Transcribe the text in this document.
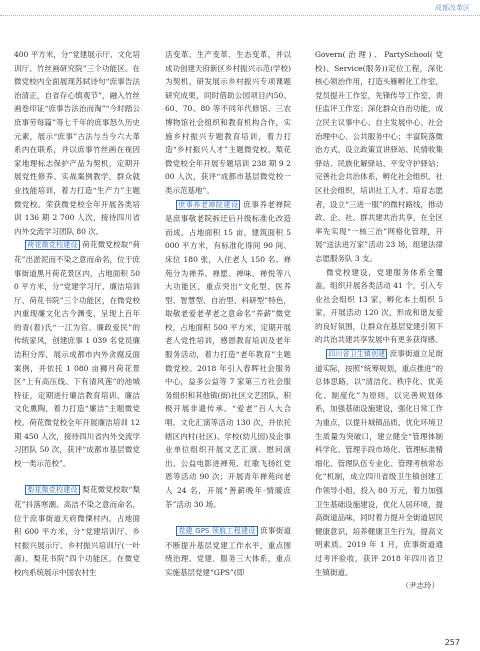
成都改革区

400 平方米，分“党建展示厅、文化培训厅、竹丝画研究院”三个功能区。在微党校内全面展现苏轼诗句“庶事告法治清正，自省存心慎观节”，融入竹丝画卷印证“庶事告法治而淘”“今时踏公庶事劳每篇”等七千年的庶事怒久历史元素，展示“庶事”古法与当今六大革系内在联系，并以庶事竹丝画在视因家地理标志保护产品为契机，定期开展党性修养、实战案例教学，群众就业技能培训，着力打造“生产力”主题微党校。荣获微党校全年开展各类培训 136 期 2 700 人次，接待四川省内外交流学习团队 80 次。

荷花微党校建设 荷花微党校取“荷花”出淤泥而不染之意而命名，位于庶事街道黑月荷花景区内，占地面积 500 平方米，分“党建学习厅、廉洁培训厅、荷花书院”三个功能区，在微党校内重现廉文化古今渊变，呈现上百年的青(着)氏“一江为官、廉政爱民”的传统家风，创建庶事 1 039 名党员廉洁积分库，展示成都市内外贪腐反面案例，并依托 1 080 亩狮月荷花景区“上有高压线、下有清风莲”的池城特征，定期进行廉洁教育培训、廉洁文化熏陶，着力打造“廉洁”主题微党校。荷花微党校全年开展廉洁培训 12 期 450 人次，接待四川省内外交流学习团队 50 次，获评“成都市基层微党校一类示范校”。

梨花微党校建设 梨花微党校取“梨花”抖落寒潮、高洁不染之意而命名，位于庶事街道天府微傈村内，占地面积 600 平方米，分“党建培训厅、乡村振兴展示厅、乡村振兴培训厅(一叶斋)、梨花书院”四个功能区，在微党校内系统展示中国农村生

活变革、生产变革、生态变革，并以成功创建天府新区乡村振兴示范(学校)为契机，研发展示乡村振兴专项课题研究成果，同时借助公园项目内50、60、70、80 等不同年代修馆、三农博物馆社会组织和教育机构合作，实施乡村振兴专题教育培训，着力打造“乡村振兴人才”主题微党校。梨花微党校全年开展专题培训 238 期 9 200 人次，获评“成都市基层微党校一类示范基地”。

庶事养老禅院建设 庶事养老禅院是庶事敬老院拆迁后升级标准化改造而成，占地面积 15 亩，建筑面积 5 000 平方米，有标准化得间 90 间、床位 180 张，入住老人 150 名。禅苑分为禅养、禅愿、禅味、禅悦等八大功能区，重点突出“文化型、医养型、智慧型、自治型、科研型”特色，取敬老爱老孝老之意命名“养薪”微党校，占地面积 500 平方米，定期开展老人党性培训，感恩教育培训及老年服务活动，着力打造“老年教育”主题微党校。2018 年引入春晖社会服务中心，益多公益等 7 家第三方社会服务组织和其他镇(街)社区文艺团队，积极开展非遗传承、“爱老”百人大合唱、文化汇演等活动 130 次，并依托辖区内村(社区)、学校(幼儿园)及企事业单位组织开展文艺汇演、慰问演出、公益电影进禅苑、红歌飞扬红党恩等活动 90 次；开展青年禅苑向老人 24 名，开展“善薪晚年·情暖庶茶”活动 30 场。

党建 GPS 领航工程建设 庶事街道不断提升基层党建工作水平，重点围绕治理、党建、服务三大体系，重点实施基层党建“GPS”(即

Govern(治理)、PartySchool(党校)、Service(服务))定位工程，深化核心领治作用，打造头雁孵化工作室，党员提升工作室，先锋传导工作室，责任监评工作室；深化群众自治功能，成立民主议事中心、自主发展中心、社会治理中心、公共服务中心；丰富院落微治方式，设立政策宣讲驿站、民情收集驿站、民族化解驿站、平安守护驿站；完善社会共治体系，孵化社会组织、社区社会组织，培训社工人才、培育志愿者，设立“三进一服”的微村路线，推动政、企、社、群共建共治共享，在全区率先实现“一核三治”网格化管理，开展“送法进万家”活动 23 场，组建法律志愿服务队 3 支。

微党校建设，党建服务体系全覆盖，组织开展各类活动 41 个，引入专业社会组织 13 家，孵化本土组织 5 家，开展活动 120 次，形成和谐友爱的良好氛围，让群众在基层党建引领下的共治共建共享发展中有更多获得感。

四川省卫生镇创建 庶事街道立足街道实际，按照“统筹规划，重点推进”的总体思路，以“清洁化、秩序化、优美化、制度化”为原则，以完善规划体系，加强基础设施建设，强化日常工作为重点，以提升城镇品质、优化环境卫生质量为突破口，建立健全“管理体制科学化、管理手段市场化、管理标准精细化、管理队伍专业化、管理考核常态化”机制，成立四川省级卫生镇创建工作领导小组，投入 80 万元，着力加强卫生基础设施建设，优化人居环境，提高街道品味，同时着力提升全街道居民健康意识，培养健康卫生行为，提高文明素质。2019 年 1 月，庶事街道通过考评验收，获评 2018 年四川省卫生镇街道。

（尹志玲）
257
